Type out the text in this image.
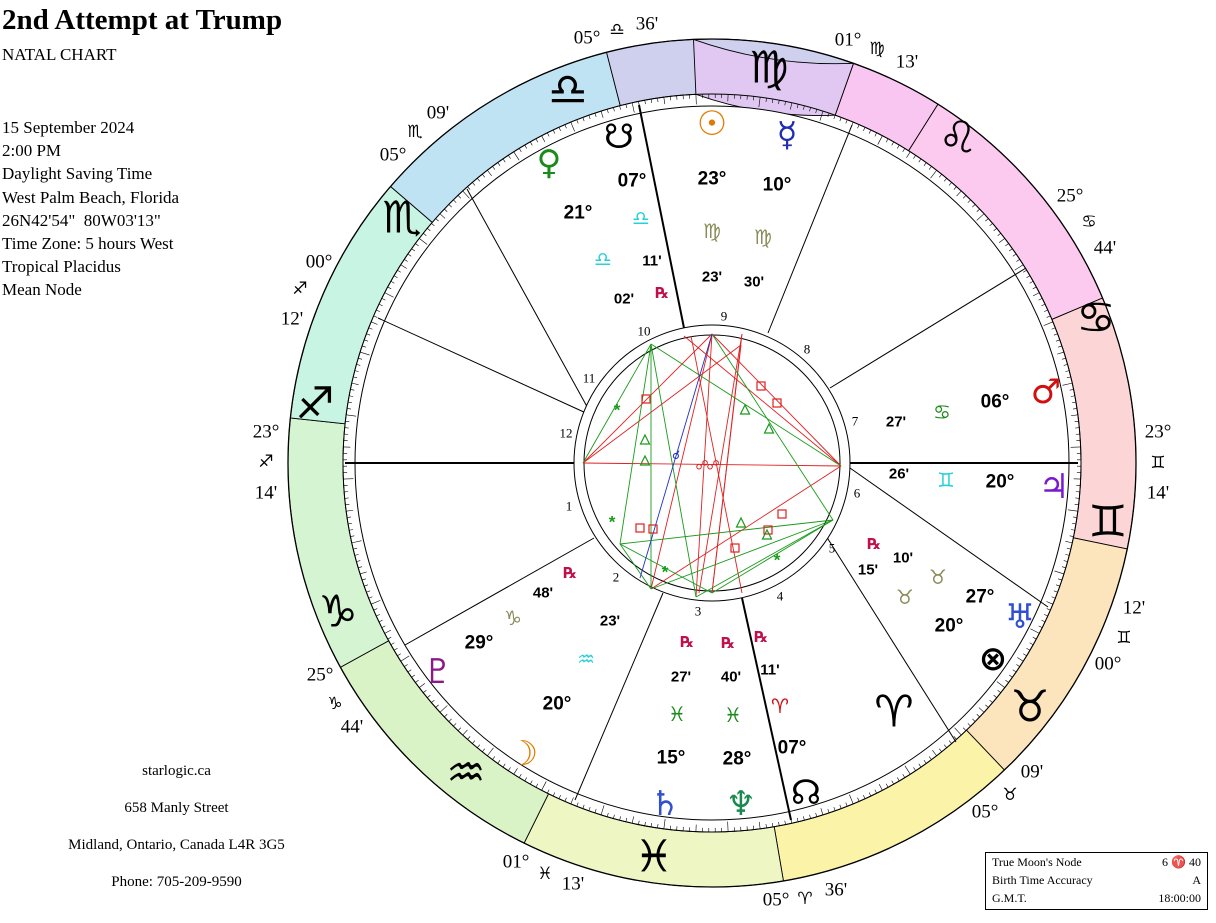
2nd Attempt at Trump
NATAL CHART
15 September 2024
2:00 PM
Daylight Saving Time
West Palm Beach, Florida
26N42'54"  80W03'13"
Time Zone: 5 hours West
Tropical Placidus
Mean Node
starlogic.ca
658 Manly Street
Midland, Ontario, Canada L4R 3G5
Phone: 705-209-9590
♈︎ ♉︎
♊︎
♋︎
♌︎
♍︎
♎︎
♏︎
♐︎
♑︎
♒︎
♓︎
1
2
3
4
5
6
7
8
9
10
11
12
23°
♐︎
14'
25°
♑︎
44'
01°
♓︎ 13'
05° ♈︎ 36'
05°
♉︎
09'
00°
♊︎
12'
23°
♊︎
14'
25°
♋︎
44'
01° ♍︎
13'
05° ♎︎ 36'
05°
♏︎
09'
00°
♐︎
12'
☉︎
23°
♍︎
23'
☿︎
10°
♍︎
30'
♀︎
21°
♎︎
02'
☋︎
07°
♎︎
11'
℞
♂︎
06°
♋︎
27'
♃︎
20°
♊︎
26'
♅︎
27°
♉︎
15'
℞
⊗︎
20°
♉︎
10'
☊︎
07°
♈︎
11'
℞
♆︎
28°
♓︎
40'
℞
♄︎
15°
♓︎
27'
℞
☽︎
20°
♒︎
23'
♇︎
29°
♑︎
48'
℞
*
*
*
*
☌︎
☍︎
☍︎
True Moon's Node	6 ♈ 40
Birth Time Accuracy	A
G.M.T.	18:00:00
